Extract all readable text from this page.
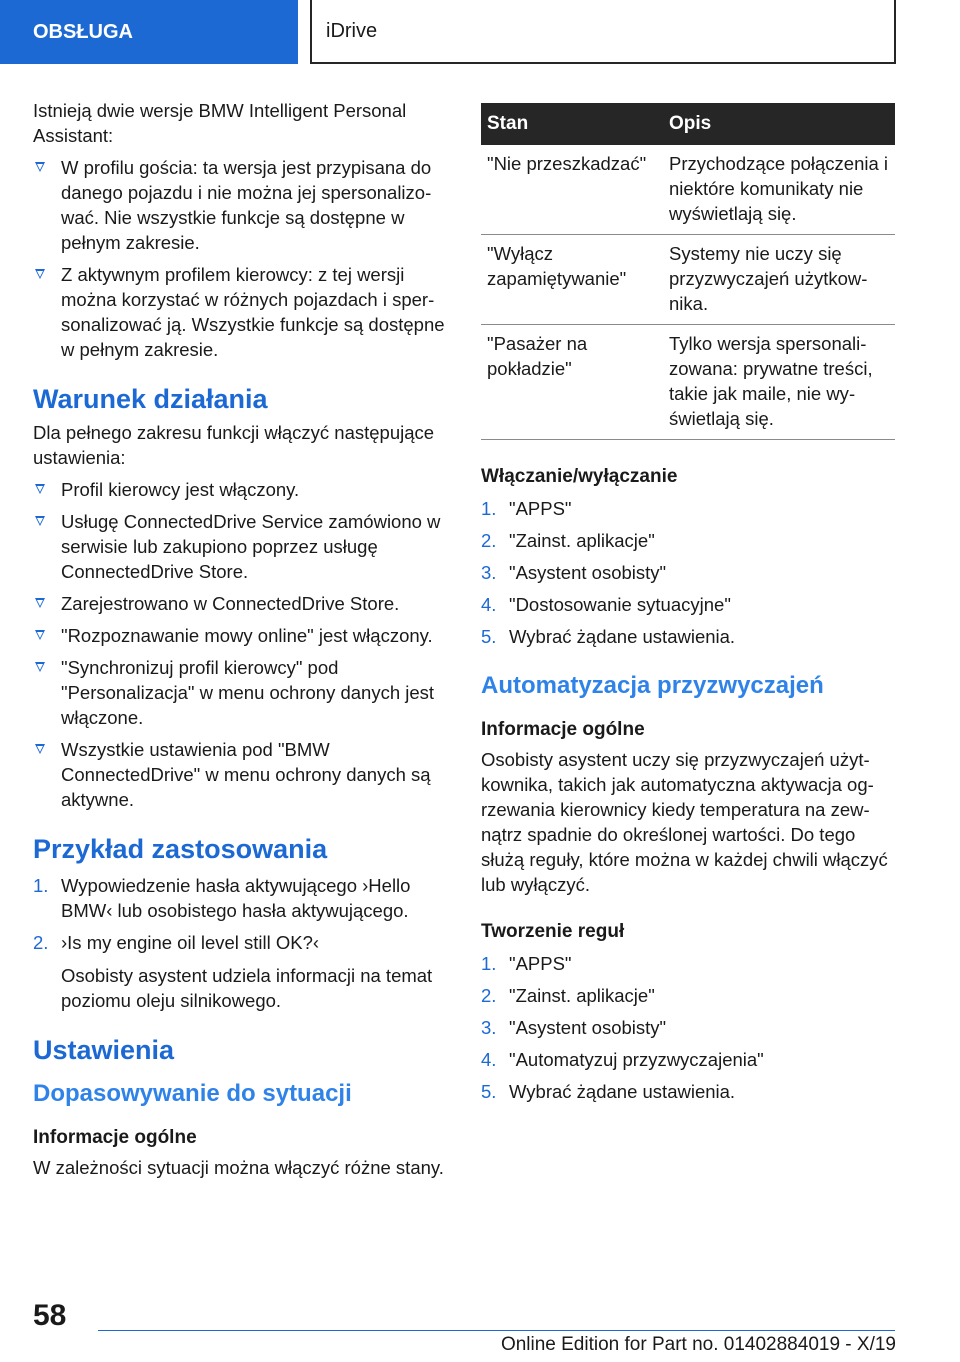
OBSŁUGA	iDrive

Istnieją dwie wersje BMW Intelligent Personal Assistant:

W profilu gościa: ta wersja jest przypisana do danego pojazdu i nie można jej spersonalizować. Nie wszystkie funkcje są dostępne w pełnym zakresie.
Z aktywnym profilem kierowcy: z tej wersji można korzystać w różnych pojazdach i spersonalizować ją. Wszystkie funkcje są dostępne w pełnym zakresie.
Warunek działania

Dla pełnego zakresu funkcji włączyć następujące ustawienia:

Profil kierowcy jest włączony.
Usługę ConnectedDrive Service zamówiono w serwisie lub zakupiono poprzez usługę ConnectedDrive Store.
Zarejestrowano w ConnectedDrive Store.
"Rozpoznawanie mowy online" jest włączony.
"Synchronizuj profil kierowcy" pod "Personalizacja" w menu ochrony danych jest włączone.
Wszystkie ustawienia pod "BMW ConnectedDrive" w menu ochrony danych są aktywne.
Przykład zastosowania
1. Wypowiedzenie hasła aktywującego ›Hello BMW‹ lub osobistego hasła aktywującego.
2. ›Is my engine oil level still OK?‹

Osobisty asystent udziela informacji na temat poziomu oleju silnikowego.

Ustawienia
Dopasowywanie do sytuacji
Informacje ogólne

W zależności sytuacji można włączyć różne stany.

Stan	Opis
"Nie przeszkadzać"	Przychodzące połączenia i niektóre komunikaty nie wyświetlają się.
"Wyłącz zapamiętywanie"	Systemy nie uczy się przyzwyczajeń użytkownika.
"Pasażer na pokładzie"	Tylko wersja spersonalizowana: prywatne treści, takie jak maile, nie wyświetlają się.
Włączanie/wyłączanie
1. "APPS"
2. "Zainst. aplikacje"
3. "Asystent osobisty"
4. "Dostosowanie sytuacyjne"
5. Wybrać żądane ustawienia.
Automatyzacja przyzwyczajeń
Informacje ogólne

Osobisty asystent uczy się przyzwyczajeń użytkownika, takich jak automatyczna aktywacja ogrzewania kierownicy kiedy temperatura na zewnątrz spadnie do określonej wartości. Do tego służą reguły, które można w każdej chwili włączyć lub wyłączyć.

Tworzenie reguł
1. "APPS"
2. "Zainst. aplikacje"
3. "Asystent osobisty"
4. "Automatyzuj przyzwyczajenia"
5. Wybrać żądane ustawienia.
58
Online Edition for Part no. 01402884019 - X/19
